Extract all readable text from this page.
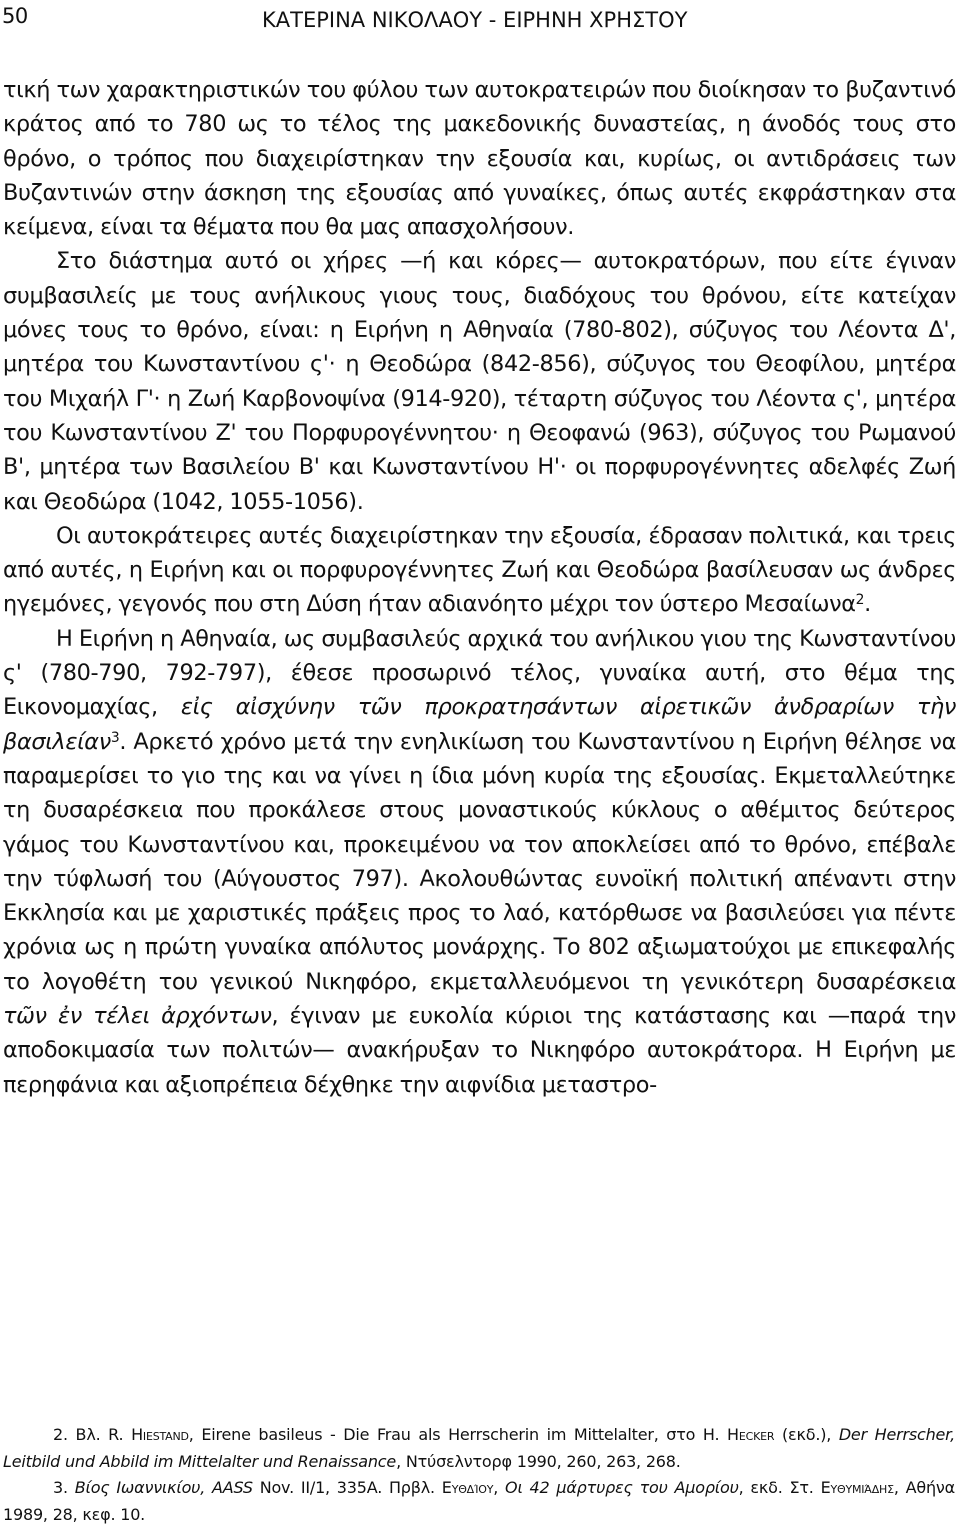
50	ΚΑΤΕΡΙΝΑ ΝΙΚΟΛΑΟΥ - ΕΙΡΗΝΗ ΧΡΗΣΤΟΥ

τική των χαρακτηριστικών του φύλου των αυτοκρατειρών που διοίκησαν το βυζαντινό κράτος από το 780 ως το τέλος της μακεδονικής δυναστείας, η άνοδός τους στο θρόνο, ο τρόπος που διαχειρίστηκαν την εξουσία και, κυρίως, οι αντιδράσεις των Βυζαντινών στην άσκηση της εξουσίας από γυναίκες, όπως αυτές εκφράστηκαν στα κείμενα, είναι τα θέματα που θα μας απασχολήσουν.

Στο διάστημα αυτό οι χήρες —ή και κόρες— αυτοκρατόρων, που είτε έγιναν συμβασιλείς με τους ανήλικους γιους τους, διαδόχους του θρόνου, είτε κατείχαν μόνες τους το θρόνο, είναι: η Ειρήνη η Αθηναία (780-802), σύζυγος του Λέοντα Δ', μητέρα του Κωνσταντίνου ς'· η Θεοδώρα (842-856), σύζυγος του Θεοφίλου, μητέρα του Μιχαήλ Γ'· η Ζωή Καρβονοψίνα (914-920), τέταρτη σύζυγος του Λέοντα ς', μητέρα του Κωνσταντίνου Ζ' του Πορφυρογέννητου· η Θεοφανώ (963), σύζυγος του Ρωμανού Β', μητέρα των Βασιλείου Β' και Κωνσταντίνου Η'· οι πορφυρογέννητες αδελφές Ζωή και Θεοδώρα (1042, 1055-1056).

Οι αυτοκράτειρες αυτές διαχειρίστηκαν την εξουσία, έδρασαν πολιτικά, και τρεις από αυτές, η Ειρήνη και οι πορφυρογέννητες Ζωή και Θεοδώρα βασίλευσαν ως άνδρες ηγεμόνες, γεγονός που στη Δύση ήταν αδιανόητο μέχρι τον ύστερο Μεσαίωνα$^2$.

Η Ειρήνη η Αθηναία, ως συμβασιλεύς αρχικά του ανήλικου γιου της Κωνσταντίνου ς' (780-790, 792-797), έθεσε προσωρινό τέλος, γυναίκα αυτή, στο θέμα της Εικονομαχίας, εἰς αἰσχύνην τῶν προκρατησάντων αἱρετικῶν ἀνδραρίων τὴν βασιλείαν$^3$. Αρκετό χρόνο μετά την ενηλικίωση του Κωνσταντίνου η Ειρήνη θέλησε να παραμερίσει το γιο της και να γίνει η ίδια μόνη κυρία της εξουσίας. Εκμεταλλεύτηκε τη δυσαρέσκεια που προκάλεσε στους μοναστικούς κύκλους ο αθέμιτος δεύτερος γάμος του Κωνσταντίνου και, προκειμένου να τον αποκλείσει από το θρόνο, επέβαλε την τύφλωσή του (Αύγουστος 797). Ακολουθώντας ευνοϊκή πολιτική απέναντι στην Εκκλησία και με χαριστικές πράξεις προς το λαό, κατόρθωσε να βασιλεύσει για πέντε χρόνια ως η πρώτη γυναίκα απόλυτος μονάρχης. Το 802 αξιωματούχοι με επικεφαλής το λογοθέτη του γενικού Νικηφόρο, εκμεταλλευόμενοι τη γενικότερη δυσαρέσκεια τῶν ἐν τέλει ἀρχόντων, έγιναν με ευκολία κύριοι της κατάστασης και —παρά την αποδοκιμασία των πολιτών— ανακήρυξαν το Νικηφόρο αυτοκράτορα. Η Ειρήνη με περηφάνια και αξιοπρέπεια δέχθηκε την αιφνίδια μεταστρο-

2. Βλ. R. Hiestand, Eirene basileus - Die Frau als Herrscherin im Mittelalter, στο H. Hecker (εκδ.), Der Herrscher, Leitbild und Abbild im Mittelalter und Renaissance, Ντύσελντορφ 1990, 260, 263, 268.

3. Βίος Ιωαννικίου, AASS Nov. II/1, 335A. Πρβλ. Ευθδίου, Οι 42 μάρτυρες του Αμορίου, εκδ. Στ. Ευθυμιάδης, Αθήνα 1989, 28, κεφ. 10.
